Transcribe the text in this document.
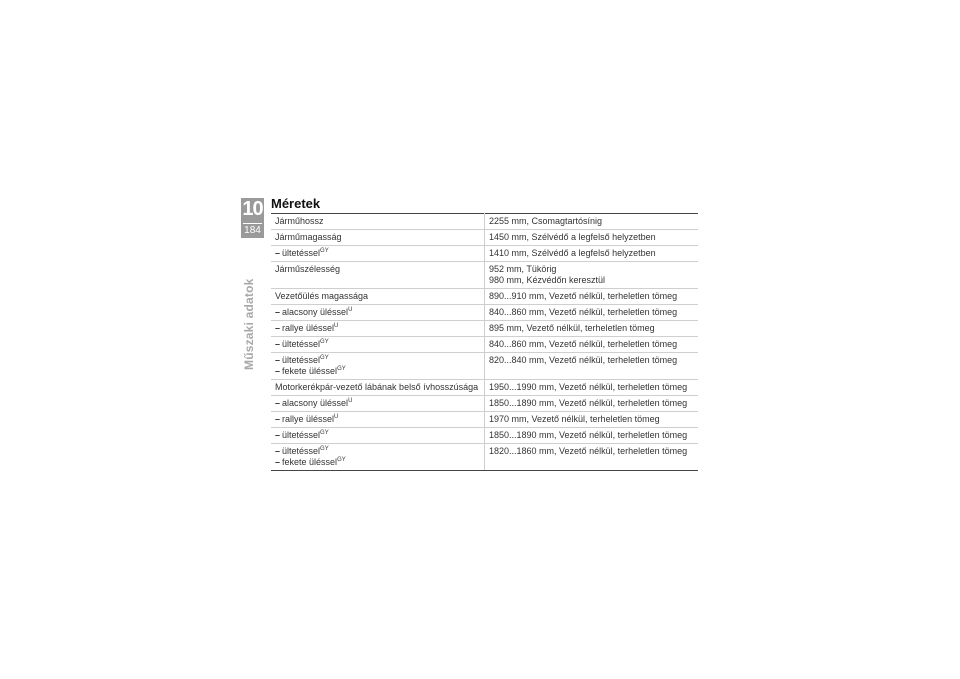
10
184
Műszaki adatok
Méretek
Járműhossz	2255 mm, Csomagtartósínig

Járműmagasság	1450 mm, Szélvédő a legfelső helyzetben

– ültetéssel$^{GY}$	1410 mm, Szélvédő a legfelső helyzetben

Járműszélesség	952 mm, Tükörig
980 mm, Kézvédőn keresztül

Vezetőülés magassága	890...910 mm, Vezető nélkül, terheletlen tömeg

– alacsony üléssel$^U$	840...860 mm, Vezető nélkül, terheletlen tömeg

– rallye üléssel$^U$	895 mm, Vezető nélkül, terheletlen tömeg

– ültetéssel$^{GY}$	840...860 mm, Vezető nélkül, terheletlen tömeg

– ültetéssel$^{GY}$
– fekete üléssel$^{GY}$	820...840 mm, Vezető nélkül, terheletlen tömeg

Motorkerékpár-vezető lábának belső ívhosszúsága	1950...1990 mm, Vezető nélkül, terheletlen tömeg

– alacsony üléssel$^U$	1850...1890 mm, Vezető nélkül, terheletlen tömeg

– rallye üléssel$^U$	1970 mm, Vezető nélkül, terheletlen tömeg

– ültetéssel$^{GY}$	1850...1890 mm, Vezető nélkül, terheletlen tömeg

– ültetéssel$^{GY}$
– fekete üléssel$^{GY}$	1820...1860 mm, Vezető nélkül, terheletlen tömeg
